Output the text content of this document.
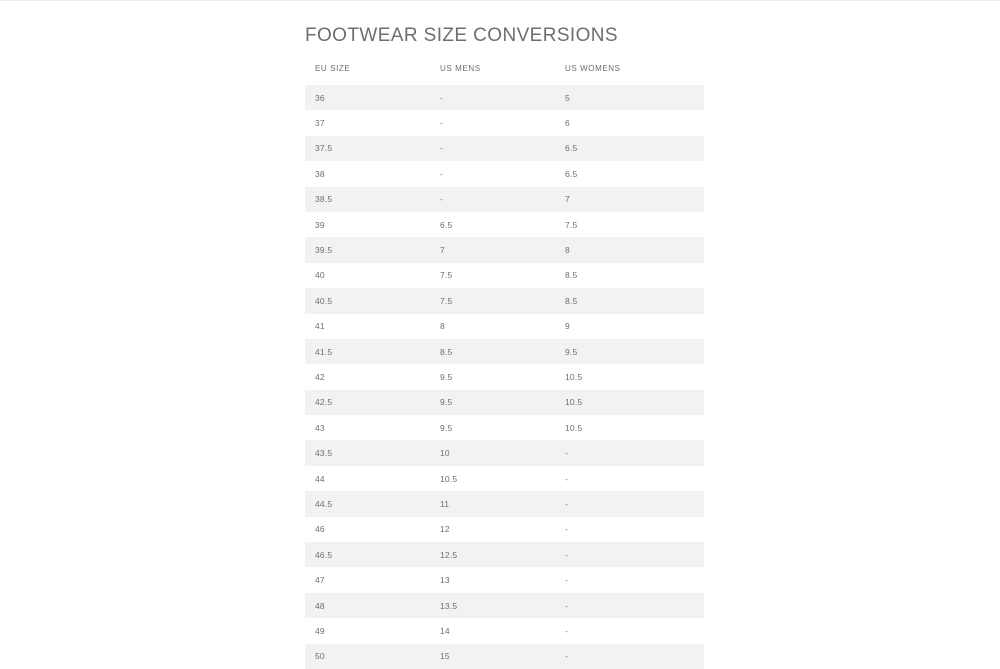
FOOTWEAR SIZE CONVERSIONS
EU SIZE	US MENS	US WOMENS
36	-	5
37	-	6
37.5	-	6.5
38	-	6.5
38.5	-	7
39	6.5	7.5
39.5	7	8
40	7.5	8.5
40.5	7.5	8.5
41	8	9
41.5	8.5	9.5
42	9.5	10.5
42.5	9.5	10.5
43	9.5	10.5
43.5	10	-
44	10.5	-
44.5	11	-
46	12	-
46.5	12.5	-
47	13	-
48	13.5	-
49	14	-
50	15	-
